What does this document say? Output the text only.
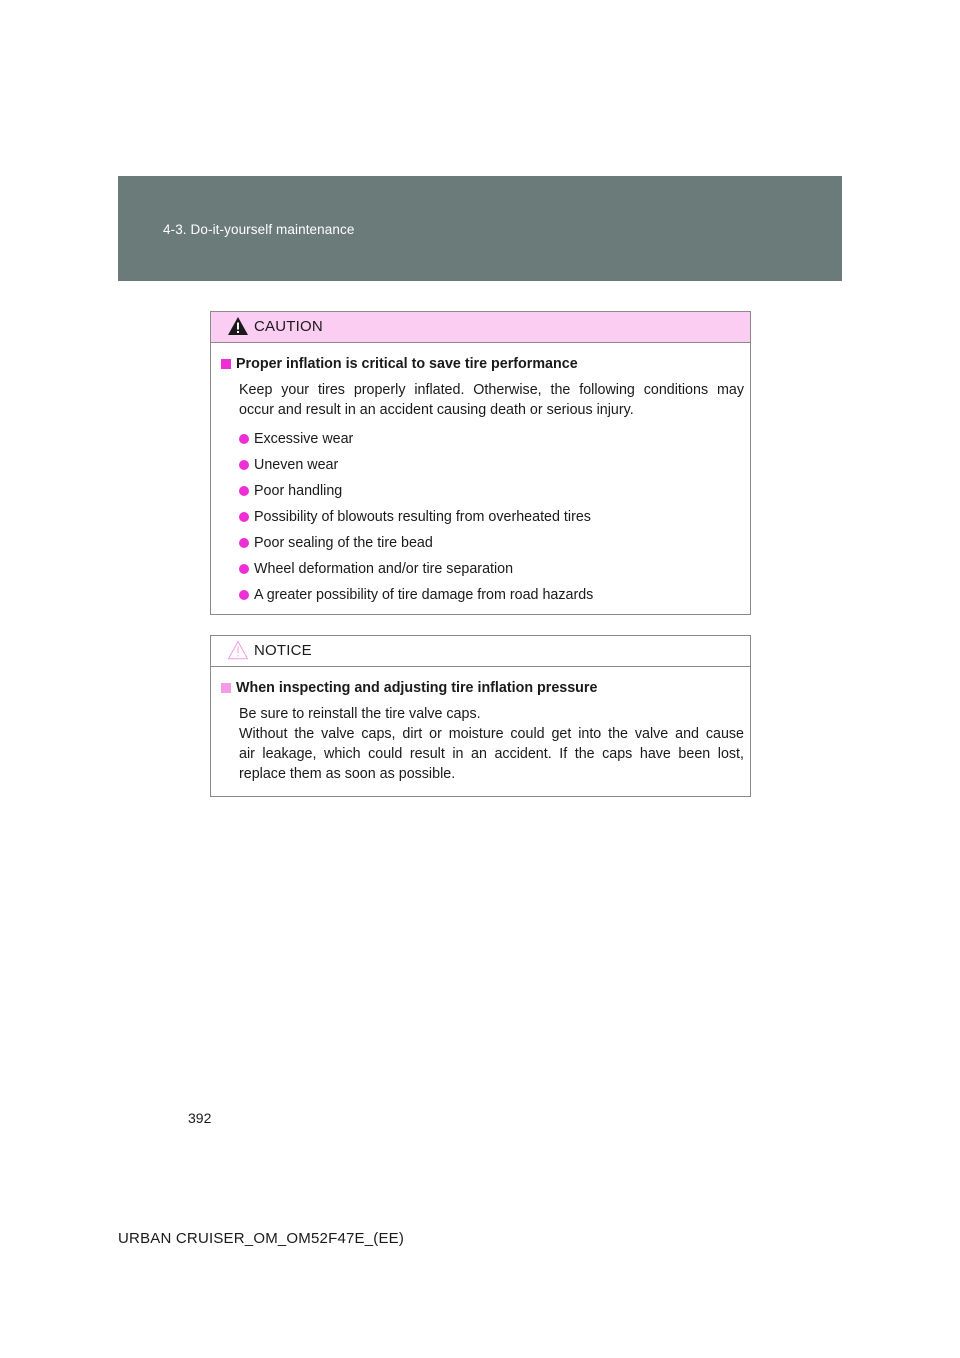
4-3. Do-it-yourself maintenance
CAUTION
Proper inflation is critical to save tire performance
Keep your tires properly inflated. Otherwise, the following conditions may
occur and result in an accident causing death or serious injury.
Excessive wear
Uneven wear
Poor handling
Possibility of blowouts resulting from overheated tires
Poor sealing of the tire bead
Wheel deformation and/or tire separation
A greater possibility of tire damage from road hazards
NOTICE
When inspecting and adjusting tire inflation pressure
Be sure to reinstall the tire valve caps.
Without the valve caps, dirt or moisture could get into the valve and cause
air leakage, which could result in an accident. If the caps have been lost,
replace them as soon as possible.
392
URBAN CRUISER_OM_OM52F47E_(EE)
